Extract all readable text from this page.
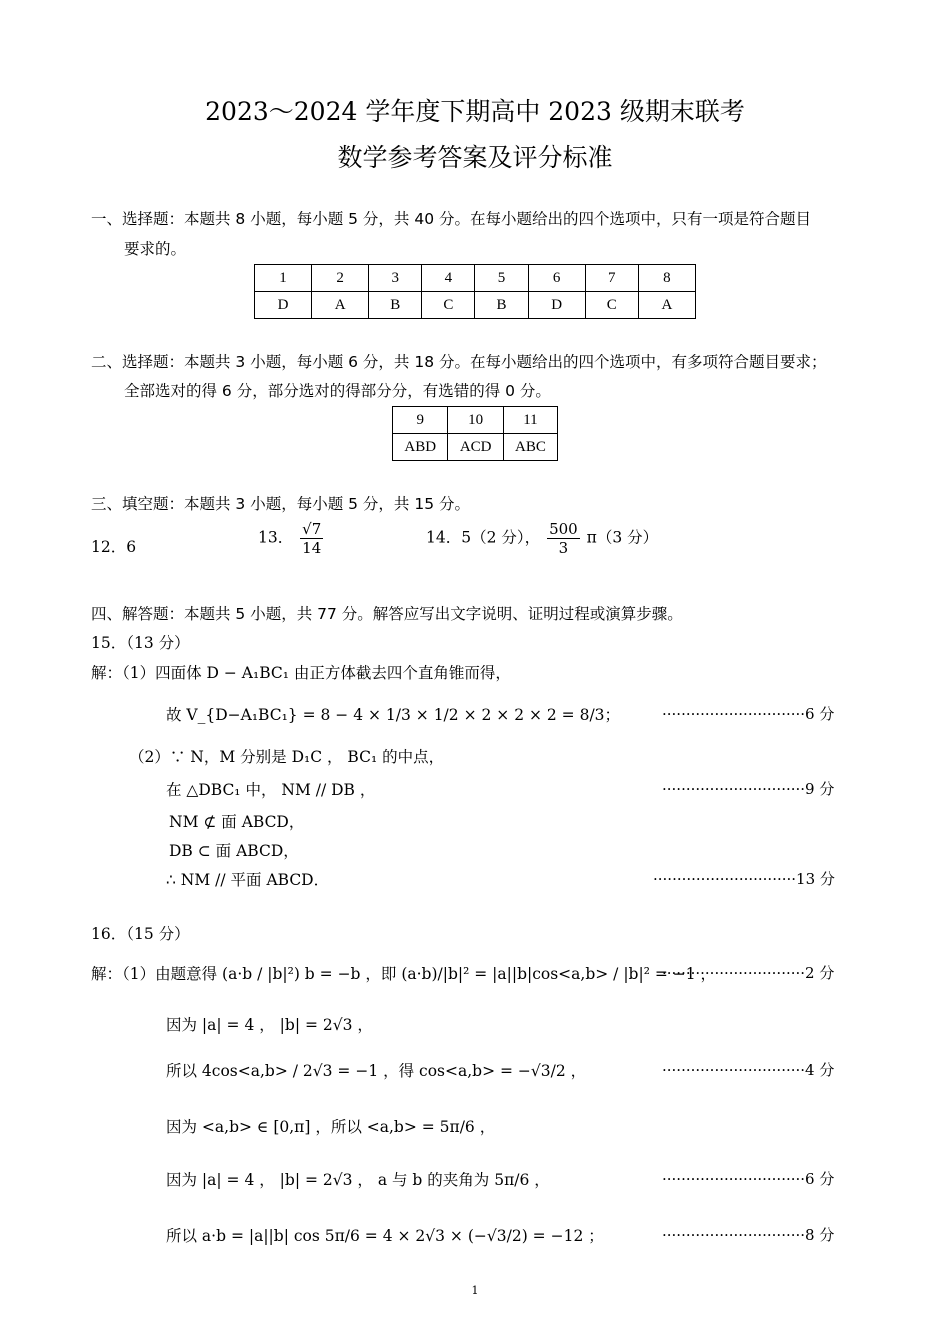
2023～2024 学年度下期高中 2023 级期末联考
数学参考答案及评分标准
一、选择题：本题共 8 小题，每小题 5 分，共 40 分。在每小题给出的四个选项中，只有一项是符合题目
要求的。
1	2	3	4	5	6	7	8
D	A	B	C	B	D	C	A
二、选择题：本题共 3 小题，每小题 6 分，共 18 分。在每小题给出的四个选项中，有多项符合题目要求；
全部选对的得 6 分，部分选对的得部分分，有选错的得 0 分。
9	10	11
ABD	ACD	ABC
三、填空题：本题共 3 小题，每小题 5 分，共 15 分。
12．6
13． $\frac{√7}{14}$	14．5（2 分）， $\frac{500}{3} \pi(3$ 分）
四、解答题：本题共 5 小题，共 77 分。解答应写出文字说明、证明过程或演算步骤。
15．（13 分）
解：（1）四面体 D − A₁BC₁ 由正方体截去四个直角锥而得，
故 V_{D−A₁BC₁} = 8 − 4 × 1/3 × 1/2 × 2 × 2 × 2 = 8/3；	······························6 分
（2）∵ N，M 分别是 D₁C ， BC₁ 的中点，
在 △DBC₁ 中， NM // DB ，	······························9 分
NM ⊄ 面 ABCD，
DB ⊂ 面 ABCD，
∴ NM // 平面 ABCD．	······························13 分
16．（15 分）
解：（1）由题意得 (a·b / |b|²) b = −b ，即 (a·b)/|b|² = |a||b|cos<a,b> / |b|² = −1 ，
······························2 分
因为 |a| = 4 ， |b| = 2√3 ，
所以 4cos<a,b> / 2√3 = −1 ，得 cos<a,b> = −√3/2 ，	······························4 分
因为 <a,b> ∈ [0,π] ，所以 <a,b> = 5π/6 ，
因为 |a| = 4 ， |b| = 2√3 ， a 与 b 的夹角为 5π/6 ，	······························6 分
所以 a·b = |a||b| cos 5π/6 = 4 × 2√3 × (−√3/2) = −12 ；	······························8 分
1
